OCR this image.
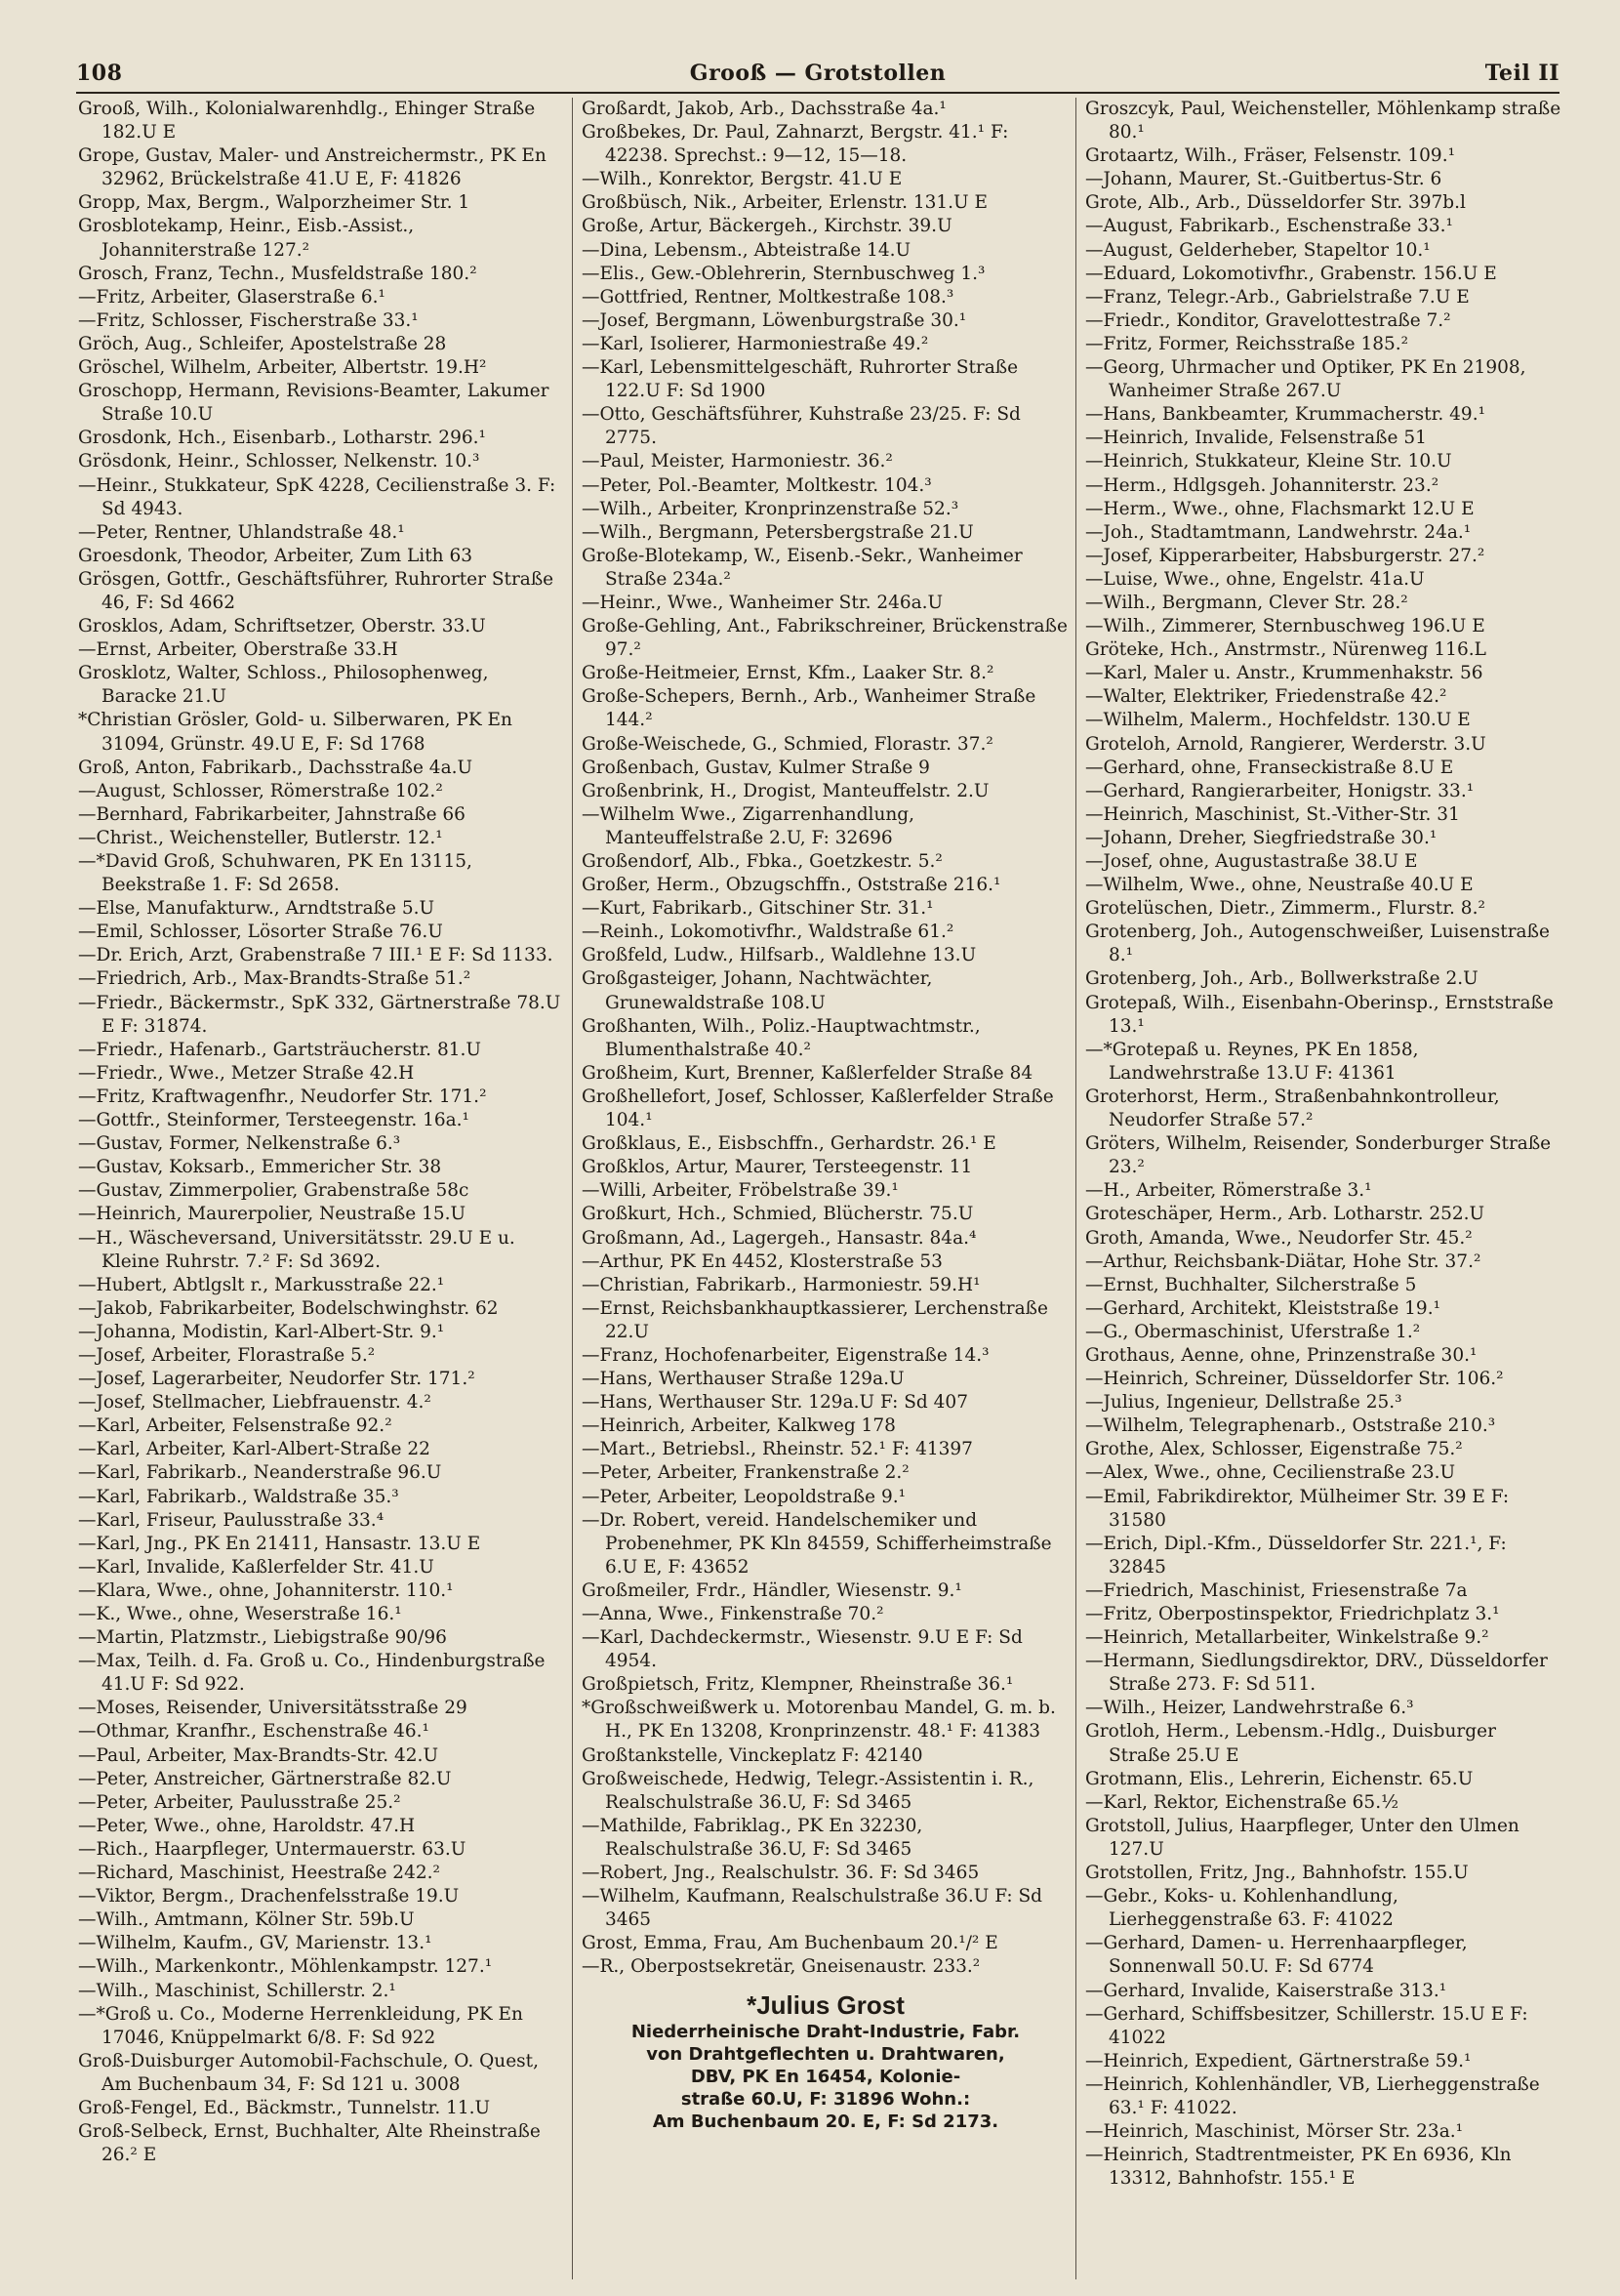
108	Grooß — Grotstollen	Teil II

Grooß, Wilh., Kolonialwarenhdlg., Ehinger Straße 182.U E

Grope, Gustav, Maler- und Anstreichermstr., PK En 32962, Brückelstraße 41.U E, F: 41826

Gropp, Max, Bergm., Walporzheimer Str. 1

Grosblotekamp, Heinr., Eisb.-Assist., Johanniterstraße 127.²

Grosch, Franz, Techn., Musfeldstraße 180.²

—Fritz, Arbeiter, Glaserstraße 6.¹

—Fritz, Schlosser, Fischerstraße 33.¹

Gröch, Aug., Schleifer, Apostelstraße 28

Gröschel, Wilhelm, Arbeiter, Albertstr. 19.H²

Groschopp, Hermann, Revisions-Beamter, Lakumer Straße 10.U

Grosdonk, Hch., Eisenbarb., Lotharstr. 296.¹

Grösdonk, Heinr., Schlosser, Nelkenstr. 10.³

—Heinr., Stukkateur, SpK 4228, Cecilienstraße 3. F: Sd 4943.

—Peter, Rentner, Uhlandstraße 48.¹

Groesdonk, Theodor, Arbeiter, Zum Lith 63

Grösgen, Gottfr., Geschäftsführer, Ruhrorter Straße 46, F: Sd 4662

Grosklos, Adam, Schriftsetzer, Oberstr. 33.U

—Ernst, Arbeiter, Oberstraße 33.H

Grosklotz, Walter, Schloss., Philosophenweg, Baracke 21.U

*Christian Grösler, Gold- u. Silberwaren, PK En 31094, Grünstr. 49.U E, F: Sd 1768

Groß, Anton, Fabrikarb., Dachsstraße 4a.U

—August, Schlosser, Römerstraße 102.²

—Bernhard, Fabrikarbeiter, Jahnstraße 66

—Christ., Weichensteller, Butlerstr. 12.¹

—*David Groß, Schuhwaren, PK En 13115, Beekstraße 1. F: Sd 2658.

—Else, Manufakturw., Arndtstraße 5.U

—Emil, Schlosser, Lösorter Straße 76.U

—Dr. Erich, Arzt, Grabenstraße 7 III.¹ E F: Sd 1133.

—Friedrich, Arb., Max-Brandts-Straße 51.²

—Friedr., Bäckermstr., SpK 332, Gärtnerstraße 78.U E F: 31874.

—Friedr., Hafenarb., Gartsträucherstr. 81.U

—Friedr., Wwe., Metzer Straße 42.H

—Fritz, Kraftwagenfhr., Neudorfer Str. 171.²

—Gottfr., Steinformer, Tersteegenstr. 16a.¹

—Gustav, Former, Nelkenstraße 6.³

—Gustav, Koksarb., Emmericher Str. 38

—Gustav, Zimmerpolier, Grabenstraße 58c

—Heinrich, Maurerpolier, Neustraße 15.U

—H., Wäscheversand, Universitätsstr. 29.U E u. Kleine Ruhrstr. 7.² F: Sd 3692.

—Hubert, Abtlgslt r., Markusstraße 22.¹

—Jakob, Fabrikarbeiter, Bodelschwinghstr. 62

—Johanna, Modistin, Karl-Albert-Str. 9.¹

—Josef, Arbeiter, Florastraße 5.²

—Josef, Lagerarbeiter, Neudorfer Str. 171.²

—Josef, Stellmacher, Liebfrauenstr. 4.²

—Karl, Arbeiter, Felsenstraße 92.²

—Karl, Arbeiter, Karl-Albert-Straße 22

—Karl, Fabrikarb., Neanderstraße 96.U

—Karl, Fabrikarb., Waldstraße 35.³

—Karl, Friseur, Paulusstraße 33.⁴

—Karl, Jng., PK En 21411, Hansastr. 13.U E

—Karl, Invalide, Kaßlerfelder Str. 41.U

—Klara, Wwe., ohne, Johanniterstr. 110.¹

—K., Wwe., ohne, Weserstraße 16.¹

—Martin, Platzmstr., Liebigstraße 90/96

—Max, Teilh. d. Fa. Groß u. Co., Hindenburgstraße 41.U F: Sd 922.

—Moses, Reisender, Universitätsstraße 29

—Othmar, Kranfhr., Eschenstraße 46.¹

—Paul, Arbeiter, Max-Brandts-Str. 42.U

—Peter, Anstreicher, Gärtnerstraße 82.U

—Peter, Arbeiter, Paulusstraße 25.²

—Peter, Wwe., ohne, Haroldstr. 47.H

—Rich., Haarpfleger, Untermauerstr. 63.U

—Richard, Maschinist, Heestraße 242.²

—Viktor, Bergm., Drachenfelsstraße 19.U

—Wilh., Amtmann, Kölner Str. 59b.U

—Wilhelm, Kaufm., GV, Marienstr. 13.¹

—Wilh., Markenkontr., Möhlenkampstr. 127.¹

—Wilh., Maschinist, Schillerstr. 2.¹

—*Groß u. Co., Moderne Herrenkleidung, PK En 17046, Knüppelmarkt 6/8. F: Sd 922

Groß-Duisburger Automobil-Fachschule, O. Quest, Am Buchenbaum 34, F: Sd 121 u. 3008

Groß-Fengel, Ed., Bäckmstr., Tunnelstr. 11.U

Groß-Selbeck, Ernst, Buchhalter, Alte Rheinstraße 26.² E

Großardt, Jakob, Arb., Dachsstraße 4a.¹

Großbekes, Dr. Paul, Zahnarzt, Bergstr. 41.¹ F: 42238. Sprechst.: 9—12, 15—18.

—Wilh., Konrektor, Bergstr. 41.U E

Großbüsch, Nik., Arbeiter, Erlenstr. 131.U E

Große, Artur, Bäckergeh., Kirchstr. 39.U

—Dina, Lebensm., Abteistraße 14.U

—Elis., Gew.-Oblehrerin, Sternbuschweg 1.³

—Gottfried, Rentner, Moltkestraße 108.³

—Josef, Bergmann, Löwenburgstraße 30.¹

—Karl, Isolierer, Harmoniestraße 49.²

—Karl, Lebensmittelgeschäft, Ruhrorter Straße 122.U F: Sd 1900

—Otto, Geschäftsführer, Kuhstraße 23/25. F: Sd 2775.

—Paul, Meister, Harmoniestr. 36.²

—Peter, Pol.-Beamter, Moltkestr. 104.³

—Wilh., Arbeiter, Kronprinzenstraße 52.³

—Wilh., Bergmann, Petersbergstraße 21.U

Große-Blotekamp, W., Eisenb.-Sekr., Wanheimer Straße 234a.²

—Heinr., Wwe., Wanheimer Str. 246a.U

Große-Gehling, Ant., Fabrikschreiner, Brückenstraße 97.²

Große-Heitmeier, Ernst, Kfm., Laaker Str. 8.²

Große-Schepers, Bernh., Arb., Wanheimer Straße 144.²

Große-Weischede, G., Schmied, Florastr. 37.²

Großenbach, Gustav, Kulmer Straße 9

Großenbrink, H., Drogist, Manteuffelstr. 2.U

—Wilhelm Wwe., Zigarrenhandlung, Manteuffelstraße 2.U, F: 32696

Großendorf, Alb., Fbka., Goetzkestr. 5.²

Großer, Herm., Obzugschffn., Oststraße 216.¹

—Kurt, Fabrikarb., Gitschiner Str. 31.¹

—Reinh., Lokomotivfhr., Waldstraße 61.²

Großfeld, Ludw., Hilfsarb., Waldlehne 13.U

Großgasteiger, Johann, Nachtwächter, Grunewaldstraße 108.U

Großhanten, Wilh., Poliz.-Hauptwachtmstr., Blumenthalstraße 40.²

Großheim, Kurt, Brenner, Kaßlerfelder Straße 84

Großhellefort, Josef, Schlosser, Kaßlerfelder Straße 104.¹

Großklaus, E., Eisbschffn., Gerhardstr. 26.¹ E

Großklos, Artur, Maurer, Tersteegenstr. 11

—Willi, Arbeiter, Fröbelstraße 39.¹

Großkurt, Hch., Schmied, Blücherstr. 75.U

Großmann, Ad., Lagergeh., Hansastr. 84a.⁴

—Arthur, PK En 4452, Klosterstraße 53

—Christian, Fabrikarb., Harmoniestr. 59.H¹

—Ernst, Reichsbankhauptkassierer, Lerchenstraße 22.U

—Franz, Hochofenarbeiter, Eigenstraße 14.³

—Hans, Werthauser Straße 129a.U

—Hans, Werthauser Str. 129a.U F: Sd 407

—Heinrich, Arbeiter, Kalkweg 178

—Mart., Betriebsl., Rheinstr. 52.¹ F: 41397

—Peter, Arbeiter, Frankenstraße 2.²

—Peter, Arbeiter, Leopoldstraße 9.¹

—Dr. Robert, vereid. Handelschemiker und Probenehmer, PK Kln 84559, Schifferheimstraße 6.U E, F: 43652

Großmeiler, Frdr., Händler, Wiesenstr. 9.¹

—Anna, Wwe., Finkenstraße 70.²

—Karl, Dachdeckermstr., Wiesenstr. 9.U E F: Sd 4954.

Großpietsch, Fritz, Klempner, Rheinstraße 36.¹

*Großschweißwerk u. Motorenbau Mandel, G. m. b. H., PK En 13208, Kronprinzenstr. 48.¹ F: 41383

Großtankstelle, Vinckeplatz F: 42140

Großweischede, Hedwig, Telegr.-Assistentin i. R., Realschulstraße 36.U, F: Sd 3465

—Mathilde, Fabriklag., PK En 32230, Realschulstraße 36.U, F: Sd 3465

—Robert, Jng., Realschulstr. 36. F: Sd 3465

—Wilhelm, Kaufmann, Realschulstraße 36.U F: Sd 3465

Grost, Emma, Frau, Am Buchenbaum 20.¹/² E

—R., Oberpostsekretär, Gneisenaustr. 233.²

*Julius Grost
Niederrheinische Draht-Industrie, Fabr.
von Drahtgeflechten u. Drahtwaren,
DBV, PK En 16454, Kolonie-
straße 60.U, F: 31896 Wohn.:
Am Buchenbaum 20. E, F: Sd 2173.

Groszcyk, Paul, Weichensteller, Möhlenkamp straße 80.¹

Grotaartz, Wilh., Fräser, Felsenstr. 109.¹

—Johann, Maurer, St.-Guitbertus-Str. 6

Grote, Alb., Arb., Düsseldorfer Str. 397b.l

—August, Fabrikarb., Eschenstraße 33.¹

—August, Gelderheber, Stapeltor 10.¹

—Eduard, Lokomotivfhr., Grabenstr. 156.U E

—Franz, Telegr.-Arb., Gabrielstraße 7.U E

—Friedr., Konditor, Gravelottestraße 7.²

—Fritz, Former, Reichsstraße 185.²

—Georg, Uhrmacher und Optiker, PK En 21908, Wanheimer Straße 267.U

—Hans, Bankbeamter, Krummacherstr. 49.¹

—Heinrich, Invalide, Felsenstraße 51

—Heinrich, Stukkateur, Kleine Str. 10.U

—Herm., Hdlgsgeh. Johanniterstr. 23.²

—Herm., Wwe., ohne, Flachsmarkt 12.U E

—Joh., Stadtamtmann, Landwehrstr. 24a.¹

—Josef, Kipperarbeiter, Habsburgerstr. 27.²

—Luise, Wwe., ohne, Engelstr. 41a.U

—Wilh., Bergmann, Clever Str. 28.²

—Wilh., Zimmerer, Sternbuschweg 196.U E

Gröteke, Hch., Anstrmstr., Nürenweg 116.L

—Karl, Maler u. Anstr., Krummenhakstr. 56

—Walter, Elektriker, Friedenstraße 42.²

—Wilhelm, Malerm., Hochfeldstr. 130.U E

Groteloh, Arnold, Rangierer, Werderstr. 3.U

—Gerhard, ohne, Franseckistraße 8.U E

—Gerhard, Rangierarbeiter, Honigstr. 33.¹

—Heinrich, Maschinist, St.-Vither-Str. 31

—Johann, Dreher, Siegfriedstraße 30.¹

—Josef, ohne, Augustastraße 38.U E

—Wilhelm, Wwe., ohne, Neustraße 40.U E

Grotelüschen, Dietr., Zimmerm., Flurstr. 8.²

Grotenberg, Joh., Autogenschweißer, Luisenstraße 8.¹

Grotenberg, Joh., Arb., Bollwerkstraße 2.U

Grotepaß, Wilh., Eisenbahn-Oberinsp., Ernststraße 13.¹

—*Grotepaß u. Reynes, PK En 1858, Landwehrstraße 13.U F: 41361

Groterhorst, Herm., Straßenbahnkontrolleur, Neudorfer Straße 57.²

Gröters, Wilhelm, Reisender, Sonderburger Straße 23.²

—H., Arbeiter, Römerstraße 3.¹

Groteschäper, Herm., Arb. Lotharstr. 252.U

Groth, Amanda, Wwe., Neudorfer Str. 45.²

—Arthur, Reichsbank-Diätar, Hohe Str. 37.²

—Ernst, Buchhalter, Silcherstraße 5

—Gerhard, Architekt, Kleiststraße 19.¹

—G., Obermaschinist, Uferstraße 1.²

Grothaus, Aenne, ohne, Prinzenstraße 30.¹

—Heinrich, Schreiner, Düsseldorfer Str. 106.²

—Julius, Ingenieur, Dellstraße 25.³

—Wilhelm, Telegraphenarb., Oststraße 210.³

Grothe, Alex, Schlosser, Eigenstraße 75.²

—Alex, Wwe., ohne, Cecilienstraße 23.U

—Emil, Fabrikdirektor, Mülheimer Str. 39 E F: 31580

—Erich, Dipl.-Kfm., Düsseldorfer Str. 221.¹, F: 32845

—Friedrich, Maschinist, Friesenstraße 7a

—Fritz, Oberpostinspektor, Friedrichplatz 3.¹

—Heinrich, Metallarbeiter, Winkelstraße 9.²

—Hermann, Siedlungsdirektor, DRV., Düsseldorfer Straße 273. F: Sd 511.

—Wilh., Heizer, Landwehrstraße 6.³

Grotloh, Herm., Lebensm.-Hdlg., Duisburger Straße 25.U E

Grotmann, Elis., Lehrerin, Eichenstr. 65.U

—Karl, Rektor, Eichenstraße 65.½

Grotstoll, Julius, Haarpfleger, Unter den Ulmen 127.U

Grotstollen, Fritz, Jng., Bahnhofstr. 155.U

—Gebr., Koks- u. Kohlenhandlung, Lierheggenstraße 63. F: 41022

—Gerhard, Damen- u. Herrenhaarpfleger, Sonnenwall 50.U. F: Sd 6774

—Gerhard, Invalide, Kaiserstraße 313.¹

—Gerhard, Schiffsbesitzer, Schillerstr. 15.U E F: 41022

—Heinrich, Expedient, Gärtnerstraße 59.¹

—Heinrich, Kohlenhändler, VB, Lierheggenstraße 63.¹ F: 41022.

—Heinrich, Maschinist, Mörser Str. 23a.¹

—Heinrich, Stadtrentmeister, PK En 6936, Kln 13312, Bahnhofstr. 155.¹ E
